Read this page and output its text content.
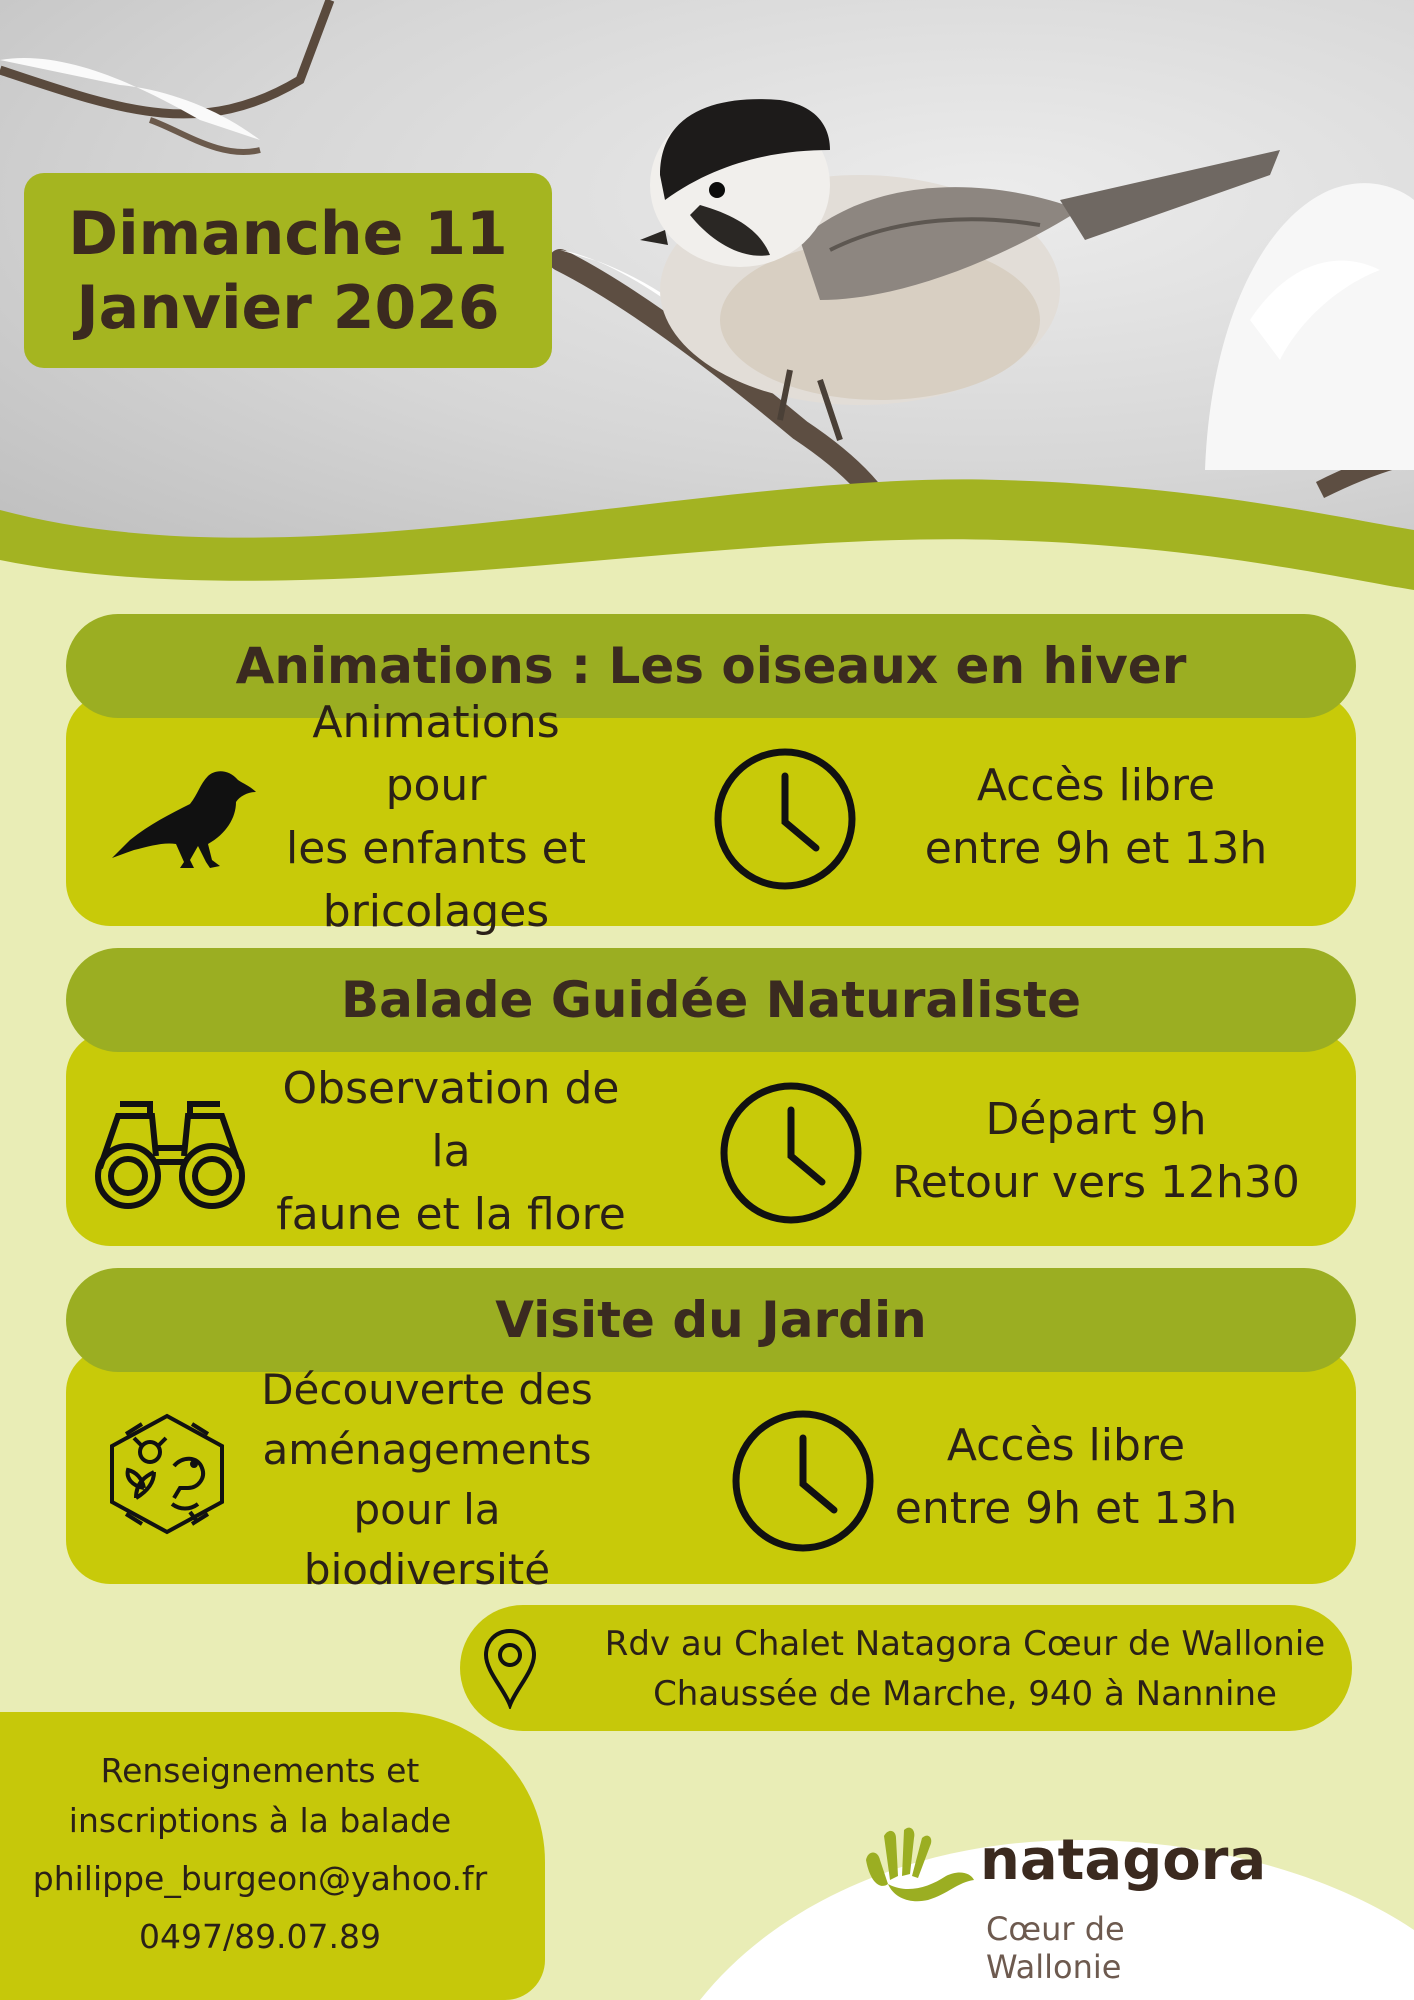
Dimanche 11
Janvier 2026
Animations : Les oiseaux en hiver
Animations pour
les enfants et
bricolages
Accès libre
entre 9h et 13h
Balade Guidée Naturaliste
Observation de la
faune et la flore
Départ 9h
Retour vers 12h30
Visite du Jardin
Découverte des
aménagements
pour la biodiversité
Accès libre
entre 9h et 13h
Rdv au Chalet Natagora Cœur de Wallonie
Chaussée de Marche, 940 à Nannine
Renseignements et
inscriptions à la balade
philippe_burgeon@yahoo.fr
0497/89.07.89
natagora
Cœur de
Wallonie
